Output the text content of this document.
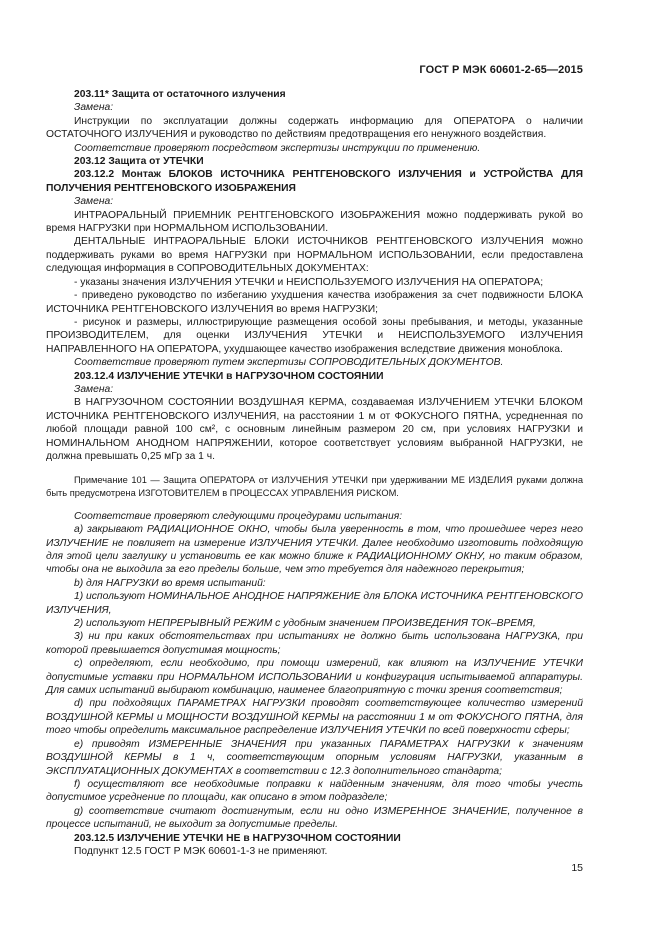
ГОСТ Р МЭК 60601-2-65—2015

203.11* Защита от остаточного излучения

Замена:

Инструкции по эксплуатации должны содержать информацию для ОПЕРАТОРА о наличии ОСТАТОЧНОГО ИЗЛУЧЕНИЯ и руководство по действиям предотвращения его ненужного воздействия.

Соответствие проверяют посредством экспертизы инструкции по применению.

203.12 Защита от УТЕЧКИ

203.12.2 Монтаж БЛОКОВ ИСТОЧНИКА РЕНТГЕНОВСКОГО ИЗЛУЧЕНИЯ и УСТРОЙСТВА ДЛЯ ПОЛУЧЕНИЯ РЕНТГЕНОВСКОГО ИЗОБРАЖЕНИЯ

Замена:

ИНТРАОРАЛЬНЫЙ ПРИЕМНИК РЕНТГЕНОВСКОГО ИЗОБРАЖЕНИЯ можно поддерживать рукой во время НАГРУЗКИ при НОРМАЛЬНОМ ИСПОЛЬЗОВАНИИ.

ДЕНТАЛЬНЫЕ ИНТРАОРАЛЬНЫЕ БЛОКИ ИСТОЧНИКОВ РЕНТГЕНОВСКОГО ИЗЛУЧЕНИЯ можно поддерживать руками во время НАГРУЗКИ при НОРМАЛЬНОМ ИСПОЛЬЗОВАНИИ, если предоставлена следующая информация в СОПРОВОДИТЕЛЬНЫХ ДОКУМЕНТАХ:

- указаны значения ИЗЛУЧЕНИЯ УТЕЧКИ и НЕИСПОЛЬЗУЕМОГО ИЗЛУЧЕНИЯ НА ОПЕРАТОРА;

- приведено руководство по избеганию ухудшения качества изображения за счет подвижности БЛОКА ИСТОЧНИКА РЕНТГЕНОВСКОГО ИЗЛУЧЕНИЯ во время НАГРУЗКИ;

- рисунок и размеры, иллюстрирующие размещения особой зоны пребывания, и методы, указанные ПРОИЗВОДИТЕЛЕМ, для оценки ИЗЛУЧЕНИЯ УТЕЧКИ и НЕИСПОЛЬЗУЕМОГО ИЗЛУЧЕНИЯ НАПРАВЛЕННОГО НА ОПЕРАТОРА, ухудшающее качество изображения вследствие движения моноблока.

Соответствие проверяют путем экспертизы СОПРОВОДИТЕЛЬНЫХ ДОКУМЕНТОВ.

203.12.4 ИЗЛУЧЕНИЕ УТЕЧКИ в НАГРУЗОЧНОМ СОСТОЯНИИ

Замена:

В НАГРУЗОЧНОМ СОСТОЯНИИ ВОЗДУШНАЯ КЕРМА, создаваемая ИЗЛУЧЕНИЕМ УТЕЧКИ БЛОКОМ ИСТОЧНИКА РЕНТГЕНОВСКОГО ИЗЛУЧЕНИЯ, на расстоянии 1 м от ФОКУСНОГО ПЯТНА, усредненная по любой площади равной 100 см², с основным линейным размером 20 см, при условиях НАГРУЗКИ и НОМИНАЛЬНОМ АНОДНОМ НАПРЯЖЕНИИ, которое соответствует условиям выбранной НАГРУЗКИ, не должна превышать 0,25 мГр за 1 ч.

Примечание 101 — Защита ОПЕРАТОРА от ИЗЛУЧЕНИЯ УТЕЧКИ при удерживании МЕ ИЗДЕЛИЯ руками должна быть предусмотрена ИЗГОТОВИТЕЛЕМ в ПРОЦЕССАХ УПРАВЛЕНИЯ РИСКОМ.

Соответствие проверяют следующими процедурами испытания:

а) закрывают РАДИАЦИОННОЕ ОКНО, чтобы была уверенность в том, что прошедшее через него ИЗЛУЧЕНИЕ не повлияет на измерение ИЗЛУЧЕНИЯ УТЕЧКИ. Далее необходимо изготовить подходящую для этой цели заглушку и установить ее как можно ближе к РАДИАЦИОННОМУ ОКНУ, но таким образом, чтобы она не выходила за его пределы больше, чем это требуется для надежного перекрытия;

b) для НАГРУЗКИ во время испытаний:

1) используют НОМИНАЛЬНОЕ АНОДНОЕ НАПРЯЖЕНИЕ для БЛОКА ИСТОЧНИКА РЕНТГЕНОВСКОГО ИЗЛУЧЕНИЯ,

2) используют НЕПРЕРЫВНЫЙ РЕЖИМ с удобным значением ПРОИЗВЕДЕНИЯ ТОК–ВРЕМЯ,

3) ни при каких обстоятельствах при испытаниях не должно быть использована НАГРУЗКА, при которой превышается допустимая мощность;

с) определяют, если необходимо, при помощи измерений, как влияют на ИЗЛУЧЕНИЕ УТЕЧКИ допустимые уставки при НОРМАЛЬНОМ ИСПОЛЬЗОВАНИИ и конфигурация испытываемой аппаратуры. Для самих испытаний выбирают комбинацию, наименее благоприятную с точки зрения соответствия;

d) при подходящих ПАРАМЕТРАХ НАГРУЗКИ проводят соответствующее количество измерений ВОЗДУШНОЙ КЕРМЫ и МОЩНОСТИ ВОЗДУШНОЙ КЕРМЫ на расстоянии 1 м от ФОКУСНОГО ПЯТНА, для того чтобы определить максимальное распределение ИЗЛУЧЕНИЯ УТЕЧКИ по всей поверхности сферы;

е) приводят ИЗМЕРЕННЫЕ ЗНАЧЕНИЯ при указанных ПАРАМЕТРАХ НАГРУЗКИ к значениям ВОЗДУШНОЙ КЕРМЫ в 1 ч, соответствующим опорным условиям НАГРУЗКИ, указанным в ЭКСПЛУАТАЦИОННЫХ ДОКУМЕНТАХ в соответствии с 12.3 дополнительного стандарта;

f) осуществляют все необходимые поправки к найденным значениям, для того чтобы учесть допустимое усреднение по площади, как описано в этом подразделе;

g) соответствие считают достигнутым, если ни одно ИЗМЕРЕННОЕ ЗНАЧЕНИЕ, полученное в процессе испытаний, не выходит за допустимые пределы.

203.12.5 ИЗЛУЧЕНИЕ УТЕЧКИ НЕ в НАГРУЗОЧНОМ СОСТОЯНИИ

Подпункт 12.5 ГОСТ Р МЭК 60601-1-3 не применяют.

15
